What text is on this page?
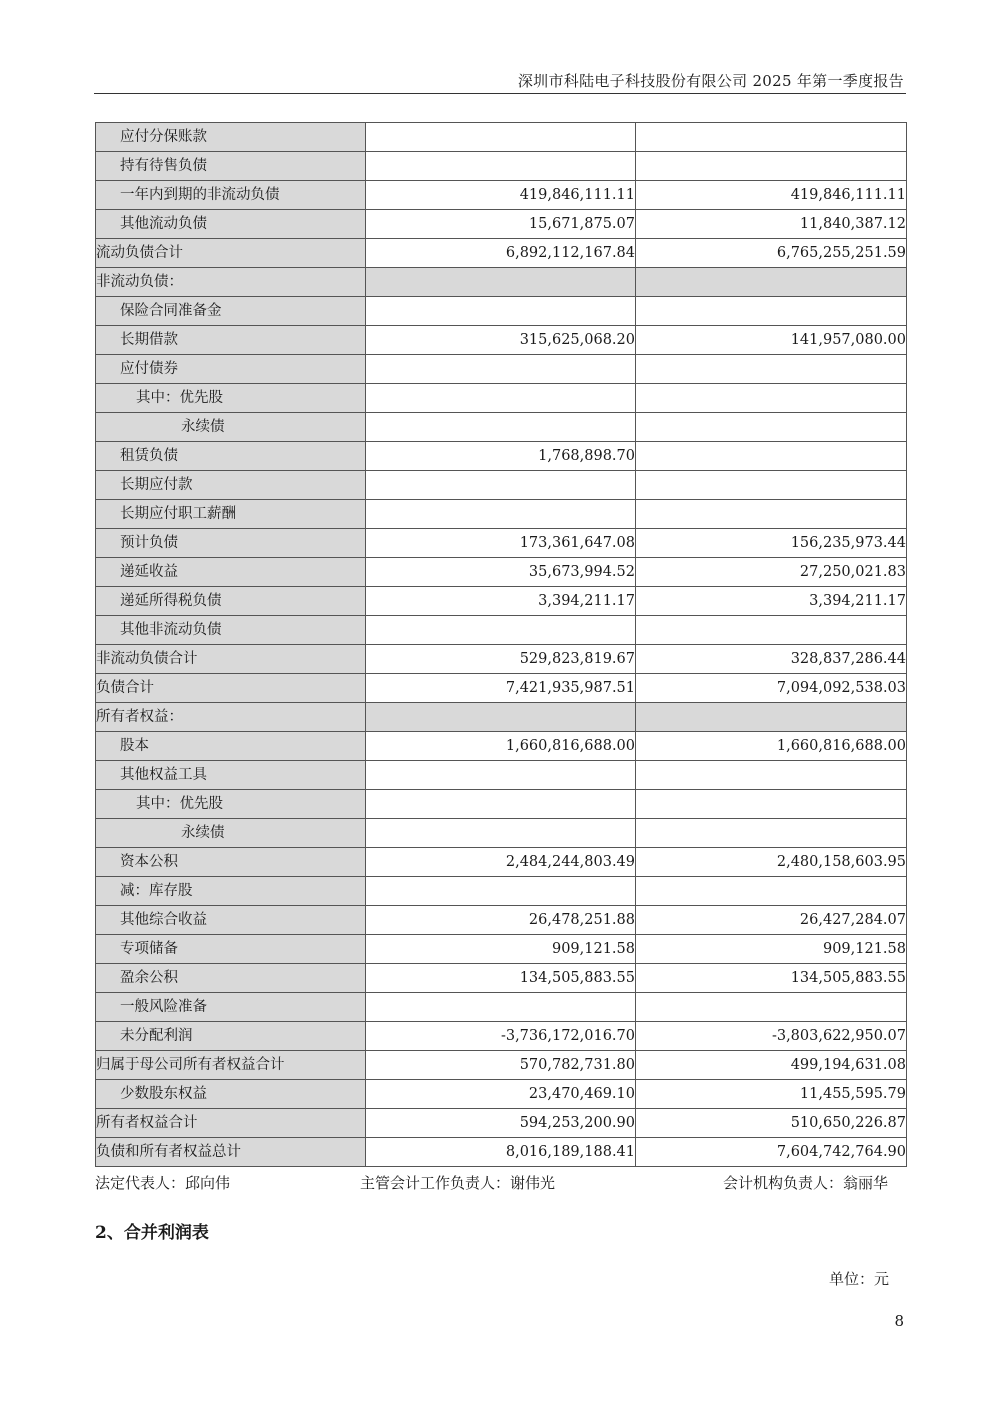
深圳市科陆电子科技股份有限公司 2025 年第一季度报告
应付分保账款		
持有待售负债		
一年内到期的非流动负债	419,846,111.11	419,846,111.11
其他流动负债	15,671,875.07	11,840,387.12
流动负债合计	6,892,112,167.84	6,765,255,251.59
非流动负债：		
保险合同准备金		
长期借款	315,625,068.20	141,957,080.00
应付债券		
其中：优先股		
永续债		
租赁负债	1,768,898.70	
长期应付款		
长期应付职工薪酬		
预计负债	173,361,647.08	156,235,973.44
递延收益	35,673,994.52	27,250,021.83
递延所得税负债	3,394,211.17	3,394,211.17
其他非流动负债		
非流动负债合计	529,823,819.67	328,837,286.44
负债合计	7,421,935,987.51	7,094,092,538.03
所有者权益：		
股本	1,660,816,688.00	1,660,816,688.00
其他权益工具		
其中：优先股		
永续债		
资本公积	2,484,244,803.49	2,480,158,603.95
减：库存股		
其他综合收益	26,478,251.88	26,427,284.07
专项储备	909,121.58	909,121.58
盈余公积	134,505,883.55	134,505,883.55
一般风险准备		
未分配利润	-3,736,172,016.70	-3,803,622,950.07
归属于母公司所有者权益合计	570,782,731.80	499,194,631.08
少数股东权益	23,470,469.10	11,455,595.79
所有者权益合计	594,253,200.90	510,650,226.87
负债和所有者权益总计	8,016,189,188.41	7,604,742,764.90
法定代表人：邱向伟	主管会计工作负责人：谢伟光	会计机构负责人：翁丽华
2、合并利润表
单位：元
8
